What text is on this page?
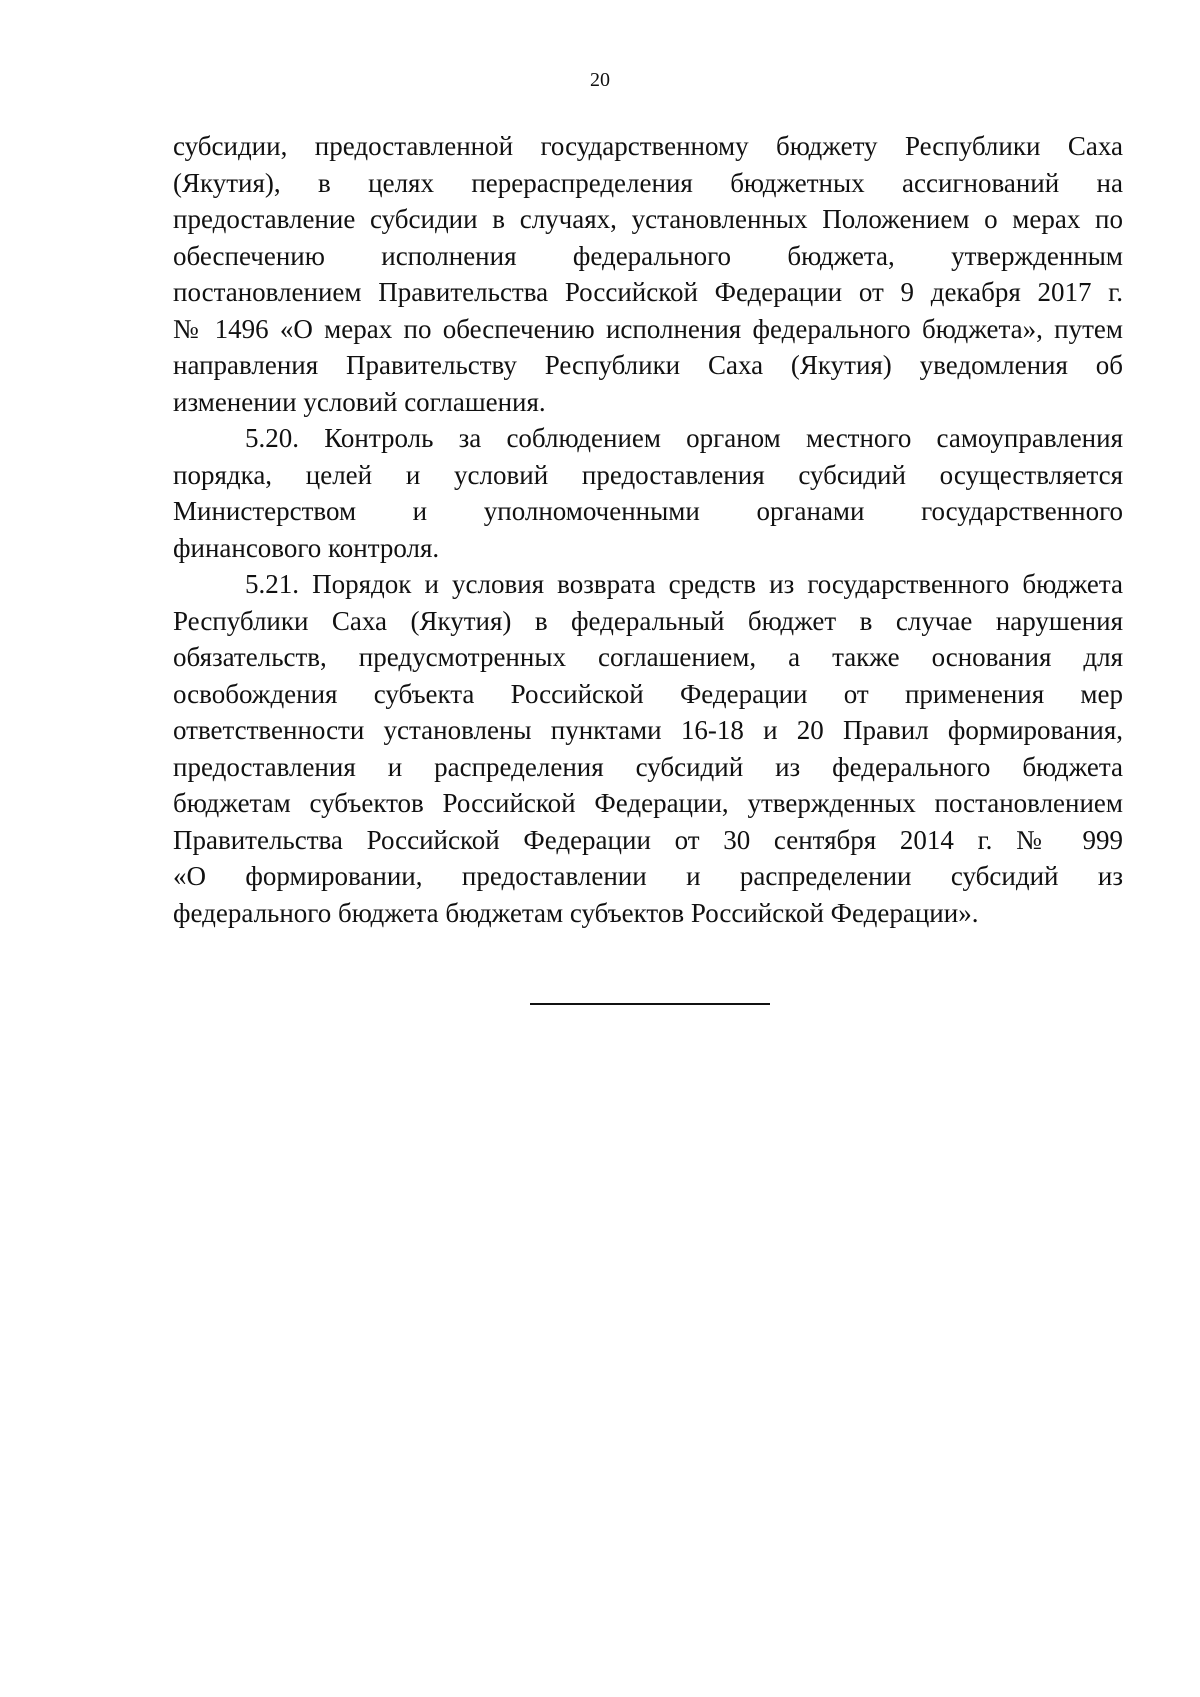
20
субсидии, предоставленной государственному бюджету Республики Саха
(Якутия), в целях перераспределения бюджетных ассигнований на
предоставление субсидии в случаях, установленных Положением о мерах по
обеспечению исполнения федерального бюджета, утвержденным
постановлением Правительства Российской Федерации от 9 декабря 2017 г.
№ 1496 «О мерах по обеспечению исполнения федерального бюджета», путем
направления Правительству Республики Саха (Якутия) уведомления об
изменении условий соглашения.
5.20. Контроль за соблюдением органом местного самоуправления
порядка, целей и условий предоставления субсидий осуществляется
Министерством и уполномоченными органами государственного
финансового контроля.
5.21. Порядок и условия возврата средств из государственного бюджета
Республики Саха (Якутия) в федеральный бюджет в случае нарушения
обязательств, предусмотренных соглашением, а также основания для
освобождения субъекта Российской Федерации от применения мер
ответственности установлены пунктами 16-18 и 20 Правил формирования,
предоставления и распределения субсидий из федерального бюджета
бюджетам субъектов Российской Федерации, утвержденных постановлением
Правительства Российской Федерации от 30 сентября 2014 г. № 999
«О формировании, предоставлении и распределении субсидий из
федерального бюджета бюджетам субъектов Российской Федерации».
